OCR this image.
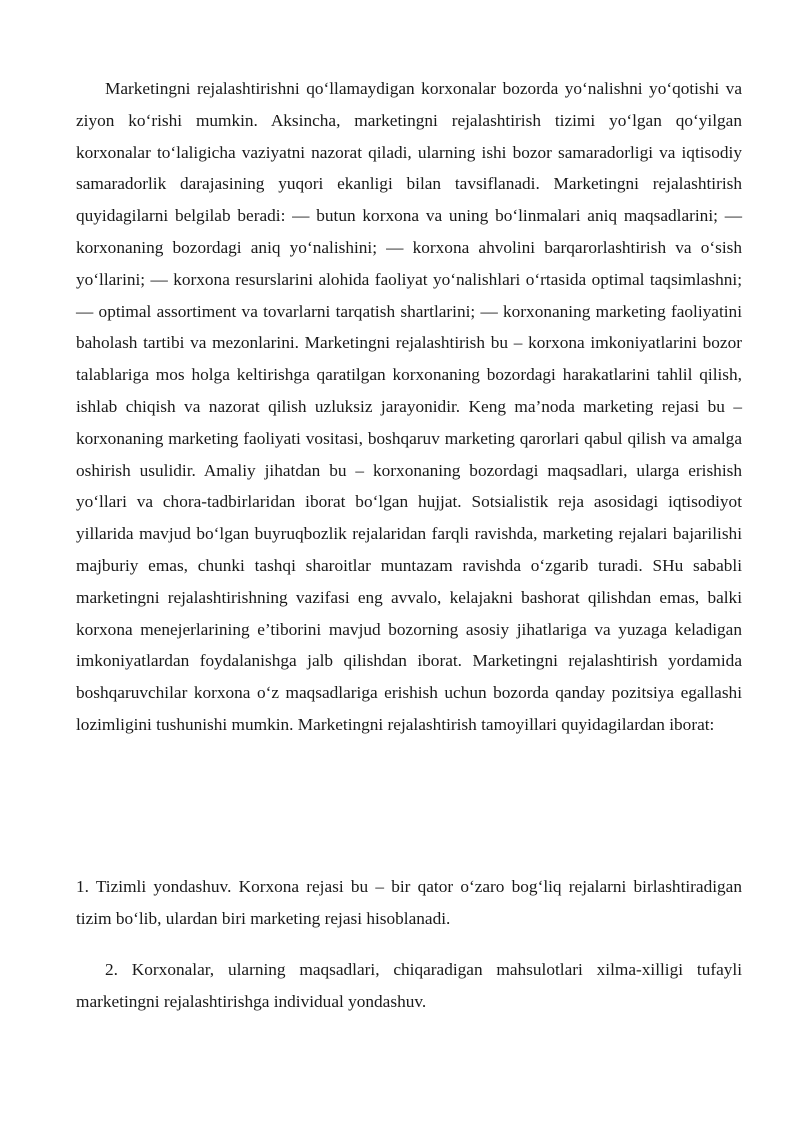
Marketingni rejalashtirishni qo‘llamaydigan korxonalar bozorda yo‘nalishni yo‘qotishi va ziyon ko‘rishi mumkin. Aksincha, marketingni rejalashtirish tizimi yo‘lgan qo‘yilgan korxonalar to‘laligicha vaziyatni nazorat qiladi, ularning ishi bozor samaradorligi va iqtisodiy samaradorlik darajasining yuqori ekanligi bilan tavsiflanadi. Marketingni rejalashtirish quyidagilarni belgilab beradi: — butun korxona va uning bo‘linmalari aniq maqsadlarini; — korxonaning bozordagi aniq yo‘nalishini; — korxona ahvolini barqarorlashtirish va o‘sish yo‘llarini; — korxona resurslarini alohida faoliyat yo‘nalishlari o‘rtasida optimal taqsimlashni; — optimal assortiment va tovarlarni tarqatish shartlarini; — korxonaning marketing faoliyatini baholash tartibi va mezonlarini. Marketingni rejalashtirish bu – korxona imkoniyatlarini bozor talablariga mos holga keltirishga qaratilgan korxonaning bozordagi harakatlarini tahlil qilish, ishlab chiqish va nazorat qilish uzluksiz jarayonidir. Keng ma’noda marketing rejasi bu – korxonaning marketing faoliyati vositasi, boshqaruv marketing qarorlari qabul qilish va amalga oshirish usulidir. Amaliy jihatdan bu – korxonaning bozordagi maqsadlari, ularga erishish yo‘llari va chora-tadbirlaridan iborat bo‘lgan hujjat. Sotsialistik reja asosidagi iqtisodiyot yillarida mavjud bo‘lgan buyruqbozlik rejalaridan farqli ravishda, marketing rejalari bajarilishi majburiy emas, chunki tashqi sharoitlar muntazam ravishda o‘zgarib turadi. SHu sababli marketingni rejalashtirishning vazifasi eng avvalo, kelajakni bashorat qilishdan emas, balki korxona menejerlarining e’tiborini mavjud bozorning asosiy jihatlariga va yuzaga keladigan imkoniyatlardan foydalanishga jalb qilishdan iborat. Marketingni rejalashtirish yordamida boshqaruvchilar korxona o‘z maqsadlariga erishish uchun bozorda qanday pozitsiya egallashi lozimligini tushunishi mumkin. Marketingni rejalashtirish tamoyillari quyidagilardan iborat:

1. Tizimli yondashuv. Korxona rejasi bu – bir qator o‘zaro bog‘liq rejalarni birlashtiradigan tizim bo‘lib, ulardan biri marketing rejasi hisoblanadi.

2. Korxonalar, ularning maqsadlari, chiqaradigan mahsulotlari xilma-xilligi tufayli marketingni rejalashtirishga individual yondashuv.
